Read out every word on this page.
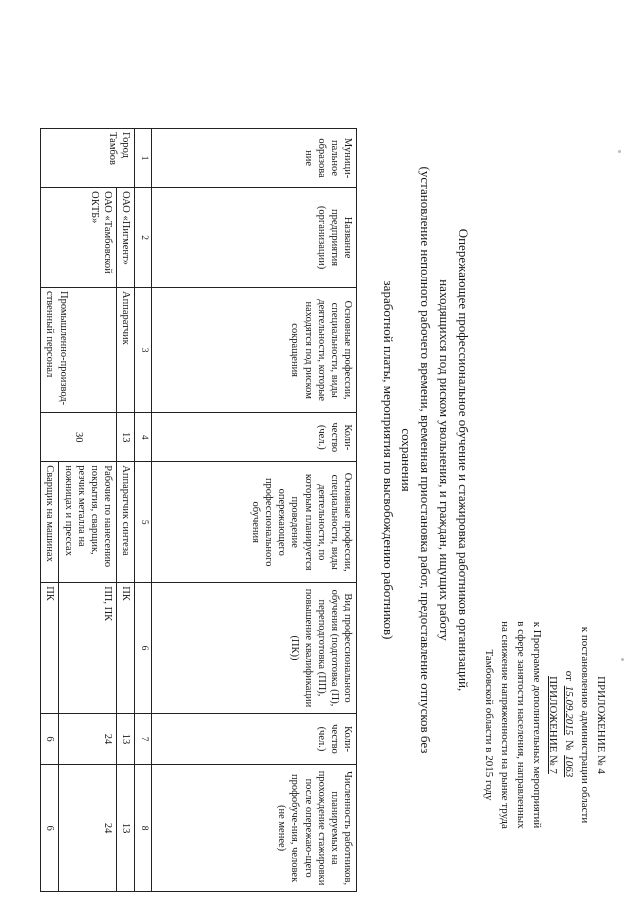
ПРИЛОЖЕНИЕ № 4
к постановлению администрации области
от 15.09.2015 № 1063
ПРИЛОЖЕНИЕ № 7
к Программе дополнительных мероприятий
в сфере занятости населения, направленных
на снижение напряженности на рынке труда
Тамбовской области в 2015 году
Опережающее профессиональное обучение и стажировка работников организаций,
находящихся под риском увольнения, и граждан, ищущих работу
(установление неполного рабочего времени, временная приостановка работ, предоставление отпусков без сохранения
заработной платы, мероприятия по высвобождению работников)
Муници-пальное образова ние	Название предприятия (организации)	Основные профессии, специальности, виды деятельности, которые находятся под риском сокращения	Коли-чество (чел.)	Основные профессии, специальности, виды деятельности, по которым планируется проведение опережающего профессионального обучения	Вид профессионального обучения (подготовка (П), переподготовка (ПП), повышение квалификации (ПК))	Коли-чество (чел.)	Численность работников, планируемых на прохождение стажировки после опережаю-щего профобуче-ния, человек (не менее)
1	2	3	4	5	6	7	8
Город Тамбов	ОАО «Пигмент»	Аппаратчик	13	Аппаратчик синтеза	ПК	13	13
	ОАО «Тамбовской ОКТБ»	Промышленно-производ-ственный персонал	30	Рабочие по нанесению покрытия, сварщик, резчик металла на ножницах и прессах	ПП, ПК	24	24
				Сварщик на машинах	ПК	6	6
